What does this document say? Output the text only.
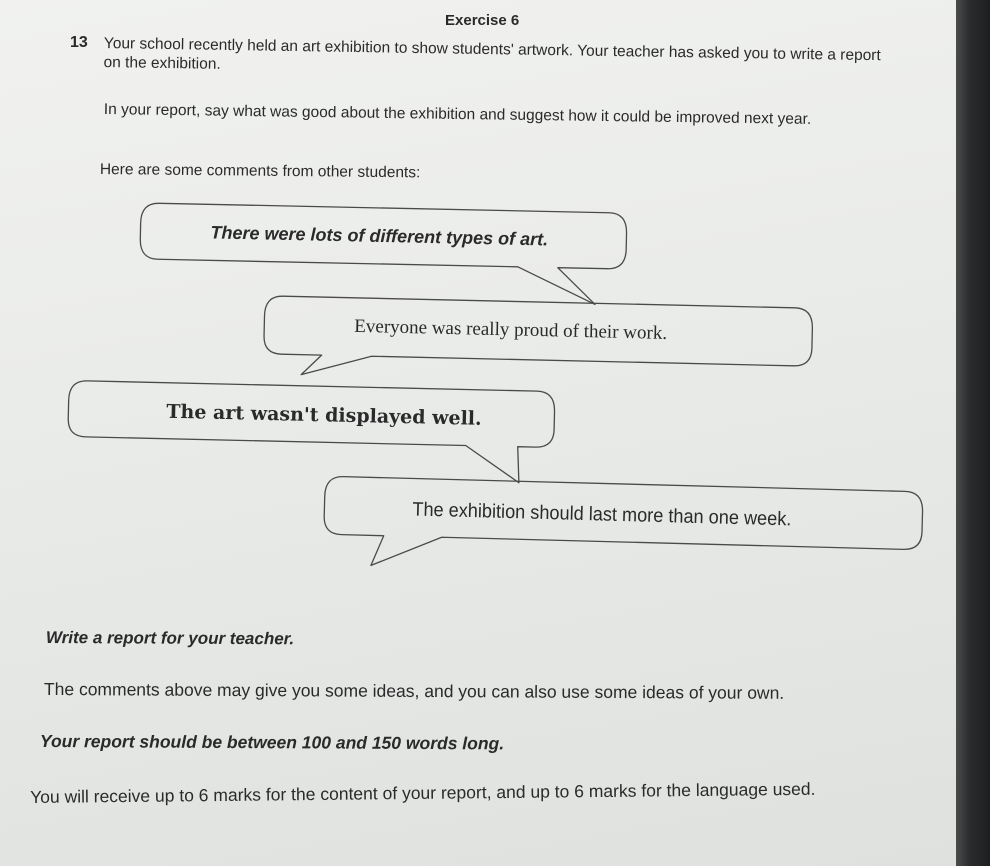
Exercise 6
13 Your school recently held an art exhibition to show students' artwork. Your teacher has asked you to write a report on the exhibition.

In your report, say what was good about the exhibition and suggest how it could be improved next year.

Here are some comments from other students:

There were lots of different types of art.
Everyone was really proud of their work.
The art wasn't displayed well.
The exhibition should last more than one week.

Write a report for your teacher.

The comments above may give you some ideas, and you can also use some ideas of your own.

Your report should be between 100 and 150 words long.

You will receive up to 6 marks for the content of your report, and up to 6 marks for the language used.
